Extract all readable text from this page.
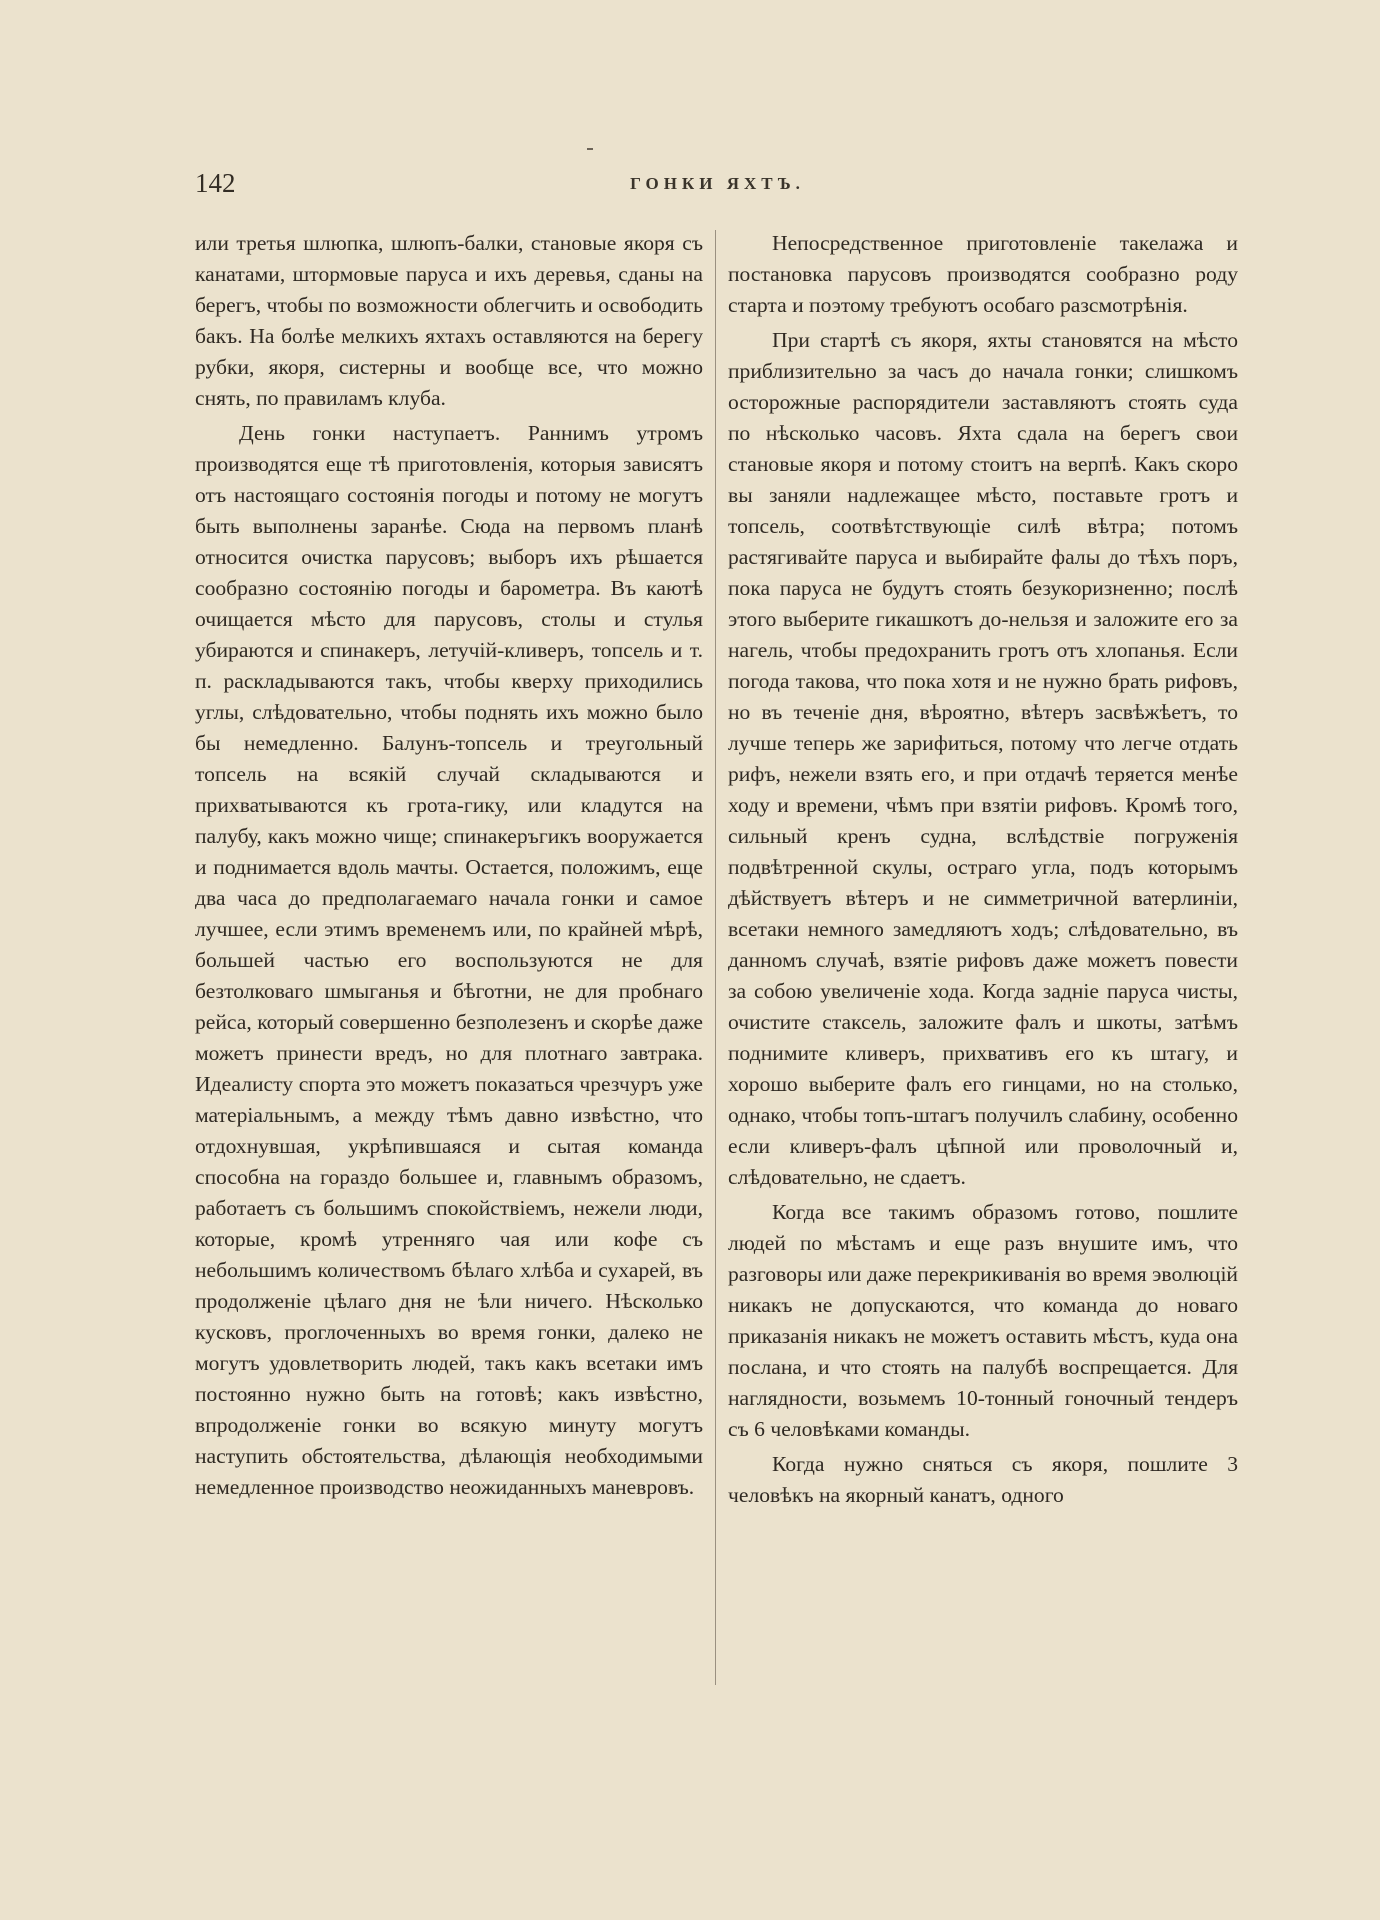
142	ГОНКИ ЯХТЪ.

или третья шлюпка, шлюпъ-балки, становые якоря съ канатами, штормовые паруса и ихъ деревья, сданы на берегъ, чтобы по возможности облегчить и освободить бакъ. На болѣе мелкихъ яхтахъ оставляются на берегу рубки, якоря, систерны и вообще все, что можно снять, по правиламъ клуба.

День гонки наступаетъ. Раннимъ утромъ производятся еще тѣ приготовленія, которыя зависятъ отъ настоящаго состоянія погоды и потому не могутъ быть выполнены заранѣе. Сюда на первомъ планѣ относится очистка парусовъ; выборъ ихъ рѣшается сообразно состоянію погоды и барометра. Въ каютѣ очищается мѣсто для парусовъ, столы и стулья убираются и спинакеръ, летучій-кливеръ, топсель и т. п. раскладываются такъ, чтобы кверху приходились углы, слѣдовательно, чтобы поднять ихъ можно было бы немедленно. Балунъ-топсель и треугольный топсель на всякій случай складываются и прихватываются къ грота-гику, или кладутся на палубу, какъ можно чище; спинакеръгикъ вооружается и поднимается вдоль мачты. Остается, положимъ, еще два часа до предполагаемаго начала гонки и самое лучшее, если этимъ временемъ или, по крайней мѣрѣ, большей частью его воспользуются не для безтолковаго шмыганья и бѣготни, не для пробнаго рейса, который совершенно безполезенъ и скорѣе даже можетъ принести вредъ, но для плотнаго завтрака. Идеалисту спорта это можетъ показаться чрезчуръ уже матеріальнымъ, а между тѣмъ давно извѣстно, что отдохнувшая, укрѣпившаяся и сытая команда способна на гораздо большее и, главнымъ образомъ, работаетъ съ большимъ спокойствіемъ, нежели люди, которые, кромѣ утренняго чая или кофе съ небольшимъ количествомъ бѣлаго хлѣба и сухарей, въ продолженіе цѣлаго дня не ѣли ничего. Нѣсколько кусковъ, проглоченныхъ во время гонки, далеко не могутъ удовлетворить людей, такъ какъ всетаки имъ постоянно нужно быть на готовѣ; какъ извѣстно, впродолженіе гонки во всякую минуту могутъ наступить обстоятельства, дѣлающія необходимыми немедленное производство неожиданныхъ маневровъ.

Непосредственное приготовленіе такелажа и постановка парусовъ производятся сообразно роду старта и поэтому требуютъ особаго разсмотрѣнія.

При стартѣ съ якоря, яхты становятся на мѣсто приблизительно за часъ до начала гонки; слишкомъ осторожные распорядители заставляютъ стоять суда по нѣсколько часовъ. Яхта сдала на берегъ свои становые якоря и потому стоитъ на верпѣ. Какъ скоро вы заняли надлежащее мѣсто, поставьте гротъ и топсель, соотвѣтствующіе силѣ вѣтра; потомъ растягивайте паруса и выбирайте фалы до тѣхъ поръ, пока паруса не будутъ стоять безукоризненно; послѣ этого выберите гикашкотъ до-нельзя и заложите его за нагель, чтобы предохранить гротъ отъ хлопанья. Если погода такова, что пока хотя и не нужно брать рифовъ, но въ теченіе дня, вѣроятно, вѣтеръ засвѣжѣетъ, то лучше теперь же зарифиться, потому что легче отдать рифъ, нежели взять его, и при отдачѣ теряется менѣе ходу и времени, чѣмъ при взятіи рифовъ. Кромѣ того, сильный кренъ судна, вслѣдствіе погруженія подвѣтренной скулы, остраго угла, подъ которымъ дѣйствуетъ вѣтеръ и не симметричной ватерлиніи, всетаки немного замедляютъ ходъ; слѣдовательно, въ данномъ случаѣ, взятіе рифовъ даже можетъ повести за собою увеличеніе хода. Когда задніе паруса чисты, очистите стаксель, заложите фалъ и шкоты, затѣмъ поднимите кливеръ, прихвативъ его къ штагу, и хорошо выберите фалъ его гинцами, но на столько, однако, чтобы топъ-штагъ получилъ слабину, особенно если кливеръ-фалъ цѣпной или проволочный и, слѣдовательно, не сдаетъ.

Когда все такимъ образомъ готово, пошлите людей по мѣстамъ и еще разъ внушите имъ, что разговоры или даже перекрикиванія во время эволюцій никакъ не допускаются, что команда до новаго приказанія никакъ не можетъ оставить мѣстъ, куда она послана, и что стоять на палубѣ воспрещается. Для наглядности, возьмемъ 10-тонный гоночный тендеръ съ 6 человѣками команды.

Когда нужно сняться съ якоря, пошлите 3 человѣкъ на якорный канатъ, одного
